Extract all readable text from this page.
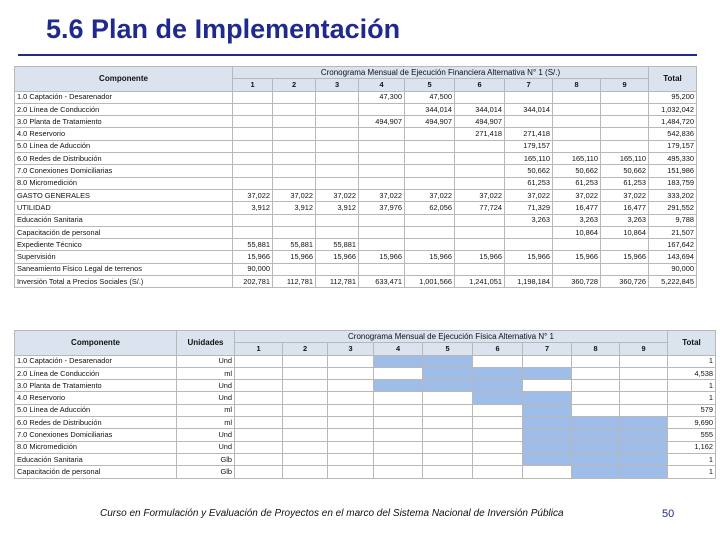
5.6 Plan de Implementación
Componente	Cronograma Mensual de Ejecución Financiera Alternativa N° 1 (S/.)									Total
	1	2	3	4	5	6	7	8	9	
1.0 Captación - Desarenador				47,300	47,500					95,200
2.0 Línea de Conducción					344,014	344,014	344,014			1,032,042
3.0 Planta de Tratamiento				494,907	494,907	494,907				1,484,720
4.0 Reservorio						271,418	271,418			542,836
5.0 Línea de Aducción							179,157			179,157
6.0 Redes de Distribución							165,110	165,110	165,110	495,330
7.0 Conexiones Domiciliarias							50,662	50,662	50,662	151,986
8.0 Micromedición							61,253	61,253	61,253	183,759
GASTO GENERALES	37,022	37,022	37,022	37,022	37,022	37,022	37,022	37,022	37,022	333,202
UTILIDAD	3,912	3,912	3,912	37,976	62,056	77,724	71,329	16,477	16,477	291,552
Educación Sanitaria							3,263	3,263	3,263	9,788
Capacitación de personal								10,864	10,864	21,507
Expediente Técnico	55,881	55,881	55,881							167,642
Supervisión	15,966	15,966	15,966	15,966	15,966	15,966	15,966	15,966	15,966	143,694
Saneamiento Físico Legal de terrenos	90,000									90,000
Inversión Total a Precios Sociales (S/.)	202,781	112,781	112,781	633,471	1,001,566	1,241,051	1,198,184	360,728	360,726	5,222,845
Componente	Unidades	Cronograma Mensual de Ejecución Física Alternativa N° 1									Total
		1	2	3	4	5	6	7	8	9	
1.0 Captación - Desarenador	Und										1
2.0 Línea de Conducción	ml										4,538
3.0 Planta de Tratamiento	Und										1
4.0 Reservorio	Und										1
5.0 Línea de Aducción	ml										579
6.0 Redes de Distribución	ml										9,690
7.0 Conexiones Domiciliarias	Und										555
8.0 Micromedición	Und										1,162
Educación Sanitaria	Glb										1
Capacitación de personal	Glb										1
Curso en Formulación y Evaluación de Proyectos en el marco del Sistema Nacional de Inversión Pública	50
